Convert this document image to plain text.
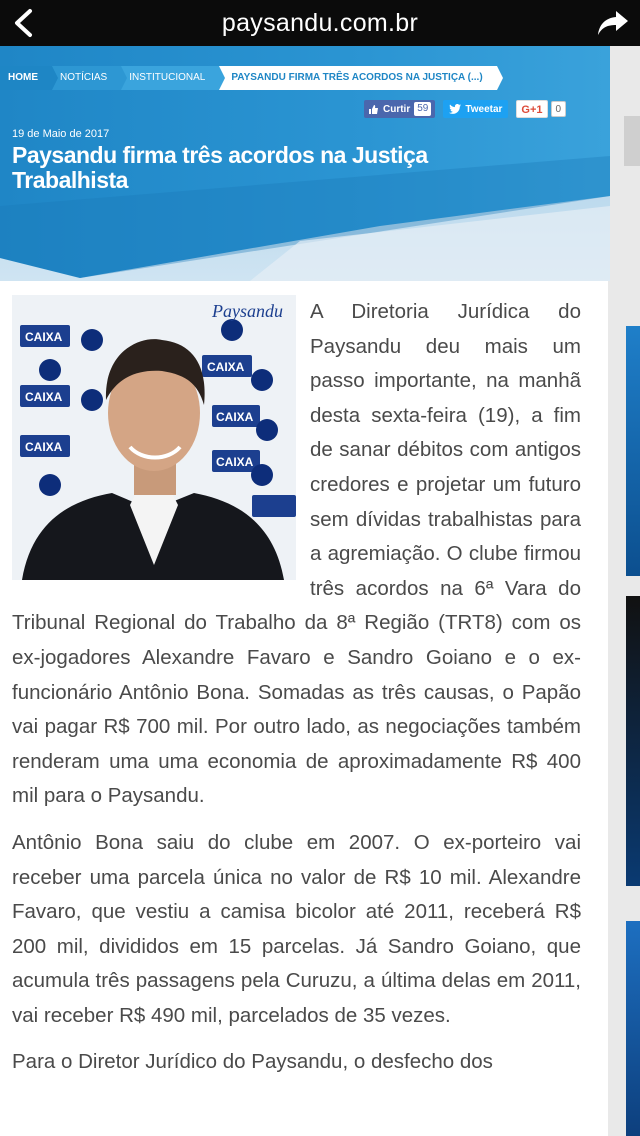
paysandu.com.br
HOME	NOTÍCIAS	INSTITUCIONAL	PAYSANDU FIRMA TRÊS ACORDOS NA JUSTIÇA (...)
Curtir 59	Tweetar	G+1	0
19 de Maio de 2017
Paysandu firma três acordos na Justiça Trabalhista
CAIXA
CAIXA
CAIXA
CAIXA
CAIXA
CAIXA
Paysandu	A Diretoria Jurídica do Paysandu deu mais um passo importante, na manhã desta sexta-feira (19), a fim de sanar débitos com antigos credores e projetar um futuro sem dívidas trabalhistas para a agremiação. O clube firmou três acordos na 6ª Vara do Tribunal Regional do Trabalho da 8ª Região (TRT8) com os ex-jogadores Alexandre Favaro e Sandro Goiano e o ex-funcionário Antônio Bona. Somadas as três causas, o Papão vai pagar R$ 700 mil. Por outro lado, as negociações também renderam uma uma economia de aproximadamente R$ 400 mil para o Paysandu.

Antônio Bona saiu do clube em 2007. O ex-porteiro vai receber uma parcela única no valor de R$ 10 mil. Alexandre Favaro, que vestiu a camisa bicolor até 2011, receberá R$ 200 mil, divididos em 15 parcelas. Já Sandro Goiano, que acumula três passagens pela Curuzu, a última delas em 2011, vai receber R$ 490 mil, parcelados de 35 vezes.

Para o Diretor Jurídico do Paysandu, o desfecho dos
